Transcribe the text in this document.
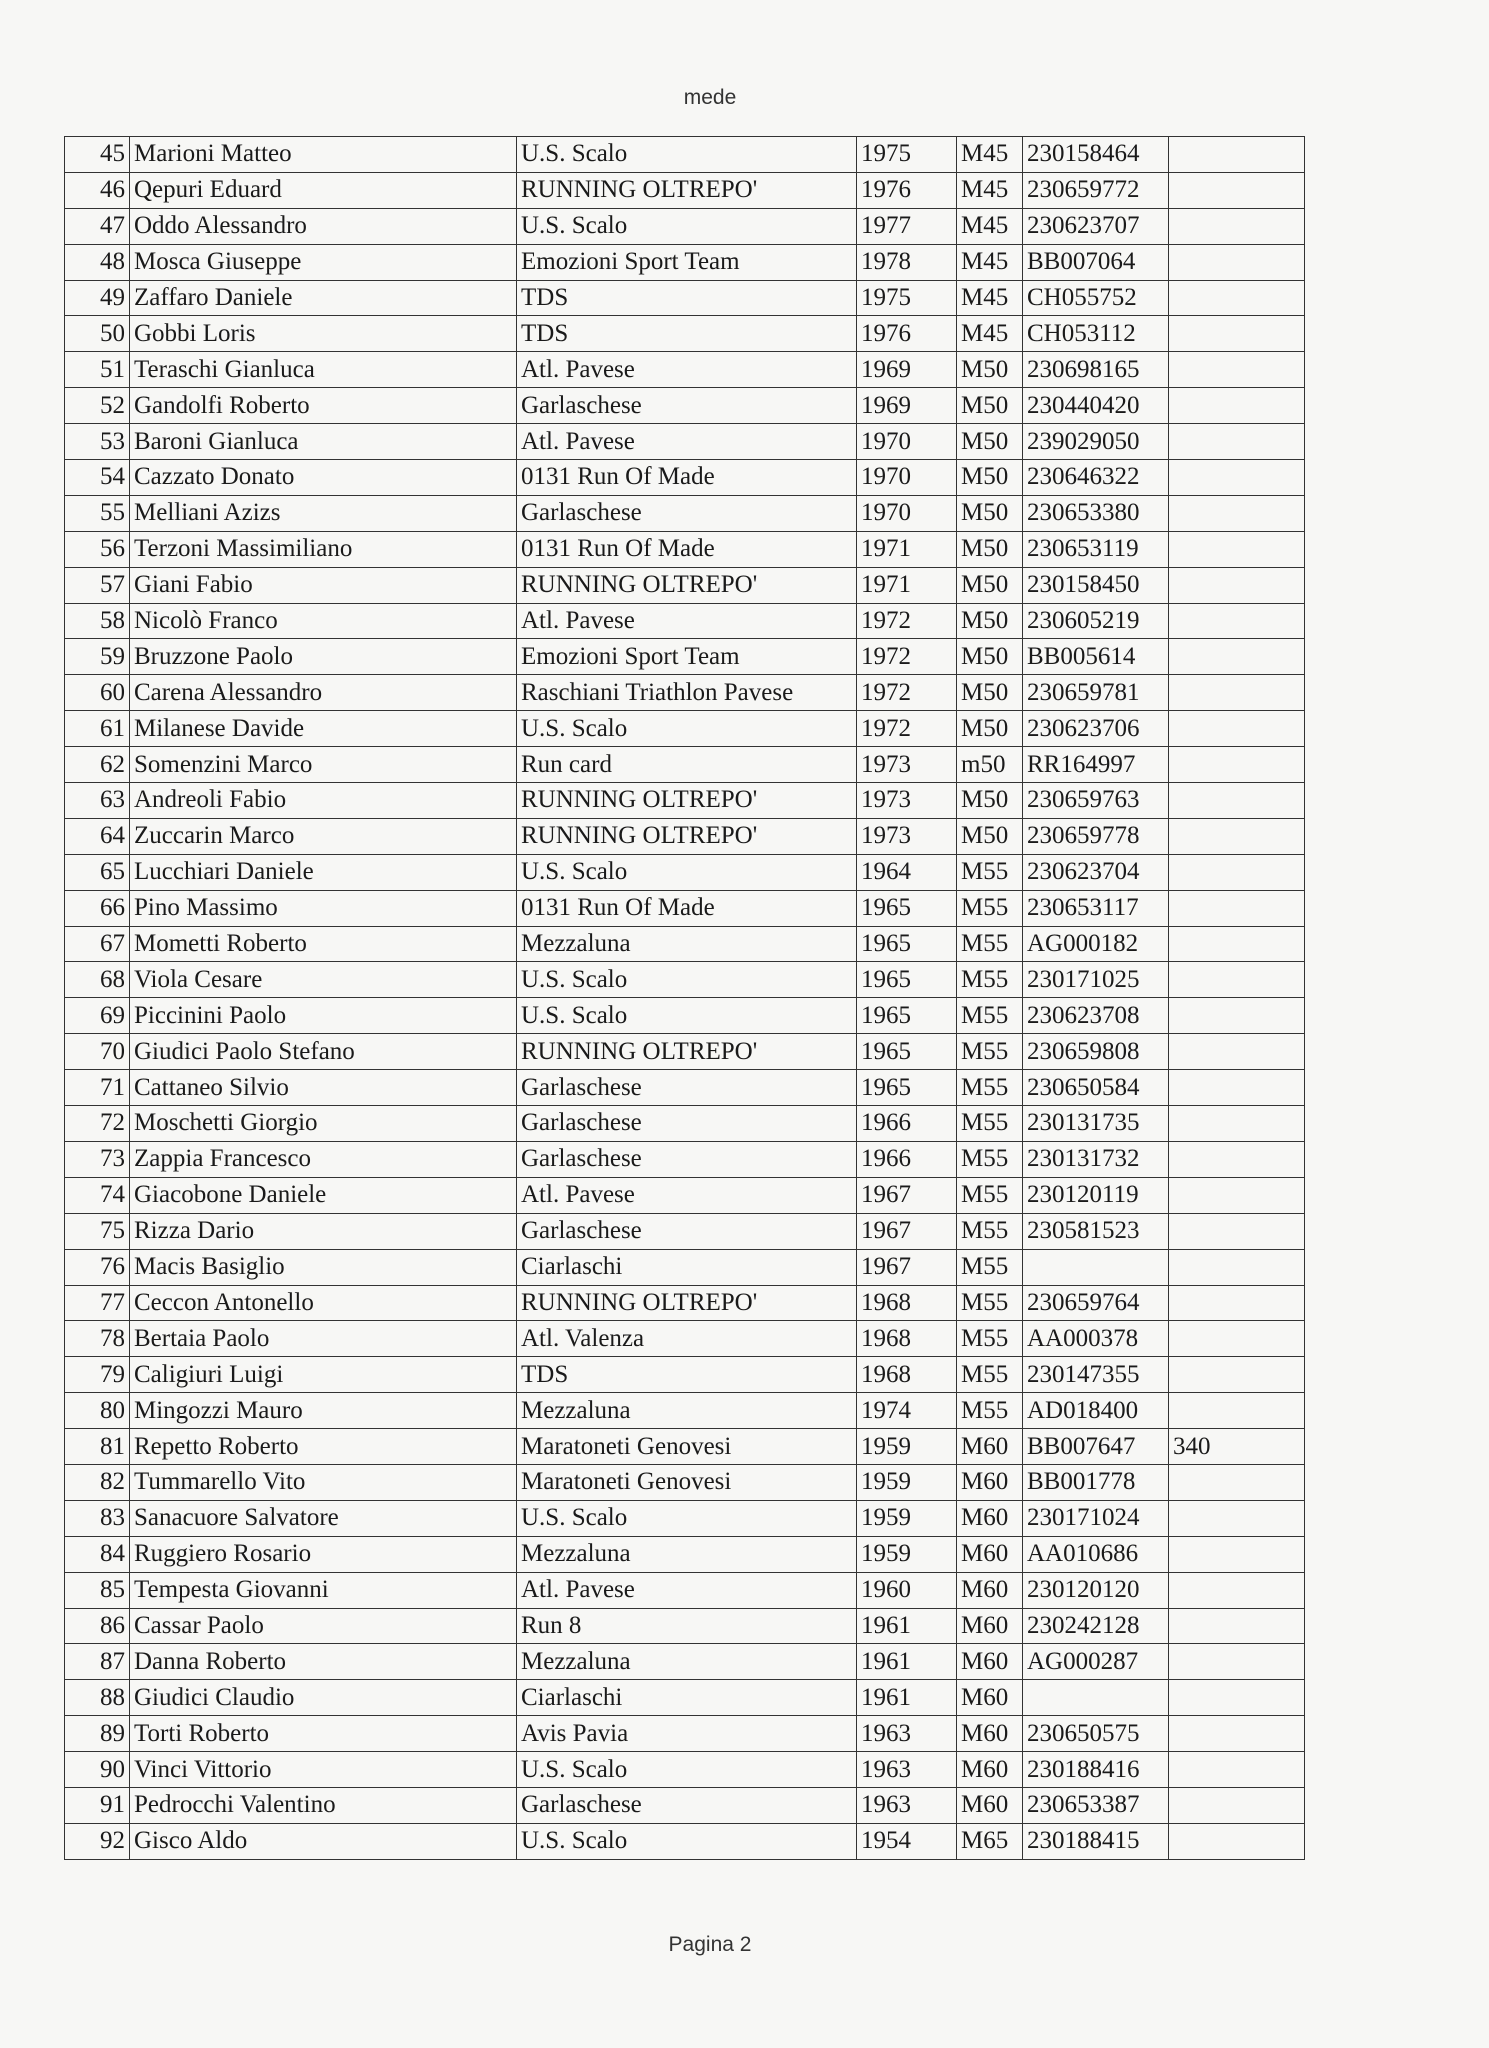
mede
45	Marioni Matteo	U.S. Scalo	1975	M45	230158464	
46	Qepuri Eduard	RUNNING OLTREPO'	1976	M45	230659772	
47	Oddo Alessandro	U.S. Scalo	1977	M45	230623707	
48	Mosca Giuseppe	Emozioni Sport Team	1978	M45	BB007064	
49	Zaffaro Daniele	TDS	1975	M45	CH055752	
50	Gobbi Loris	TDS	1976	M45	CH053112	
51	Teraschi Gianluca	Atl. Pavese	1969	M50	230698165	
52	Gandolfi Roberto	Garlaschese	1969	M50	230440420	
53	Baroni Gianluca	Atl. Pavese	1970	M50	239029050	
54	Cazzato Donato	0131 Run Of Made	1970	M50	230646322	
55	Melliani Azizs	Garlaschese	1970	M50	230653380	
56	Terzoni Massimiliano	0131 Run Of Made	1971	M50	230653119	
57	Giani Fabio	RUNNING OLTREPO'	1971	M50	230158450	
58	Nicolò Franco	Atl. Pavese	1972	M50	230605219	
59	Bruzzone Paolo	Emozioni Sport Team	1972	M50	BB005614	
60	Carena Alessandro	Raschiani Triathlon Pavese	1972	M50	230659781	
61	Milanese Davide	U.S. Scalo	1972	M50	230623706	
62	Somenzini Marco	Run card	1973	m50	RR164997	
63	Andreoli Fabio	RUNNING OLTREPO'	1973	M50	230659763	
64	Zuccarin Marco	RUNNING OLTREPO'	1973	M50	230659778	
65	Lucchiari Daniele	U.S. Scalo	1964	M55	230623704	
66	Pino Massimo	0131 Run Of Made	1965	M55	230653117	
67	Mometti Roberto	Mezzaluna	1965	M55	AG000182	
68	Viola Cesare	U.S. Scalo	1965	M55	230171025	
69	Piccinini Paolo	U.S. Scalo	1965	M55	230623708	
70	Giudici Paolo Stefano	RUNNING OLTREPO'	1965	M55	230659808	
71	Cattaneo Silvio	Garlaschese	1965	M55	230650584	
72	Moschetti Giorgio	Garlaschese	1966	M55	230131735	
73	Zappia Francesco	Garlaschese	1966	M55	230131732	
74	Giacobone Daniele	Atl. Pavese	1967	M55	230120119	
75	Rizza Dario	Garlaschese	1967	M55	230581523	
76	Macis Basiglio	Ciarlaschi	1967	M55		
77	Ceccon Antonello	RUNNING OLTREPO'	1968	M55	230659764	
78	Bertaia Paolo	Atl. Valenza	1968	M55	AA000378	
79	Caligiuri Luigi	TDS	1968	M55	230147355	
80	Mingozzi Mauro	Mezzaluna	1974	M55	AD018400	
81	Repetto Roberto	Maratoneti Genovesi	1959	M60	BB007647	340
82	Tummarello Vito	Maratoneti Genovesi	1959	M60	BB001778	
83	Sanacuore Salvatore	U.S. Scalo	1959	M60	230171024	
84	Ruggiero Rosario	Mezzaluna	1959	M60	AA010686	
85	Tempesta Giovanni	Atl. Pavese	1960	M60	230120120	
86	Cassar Paolo	Run 8	1961	M60	230242128	
87	Danna Roberto	Mezzaluna	1961	M60	AG000287	
88	Giudici Claudio	Ciarlaschi	1961	M60		
89	Torti Roberto	Avis Pavia	1963	M60	230650575	
90	Vinci Vittorio	U.S. Scalo	1963	M60	230188416	
91	Pedrocchi Valentino	Garlaschese	1963	M60	230653387	
92	Gisco Aldo	U.S. Scalo	1954	M65	230188415	
Pagina 2
